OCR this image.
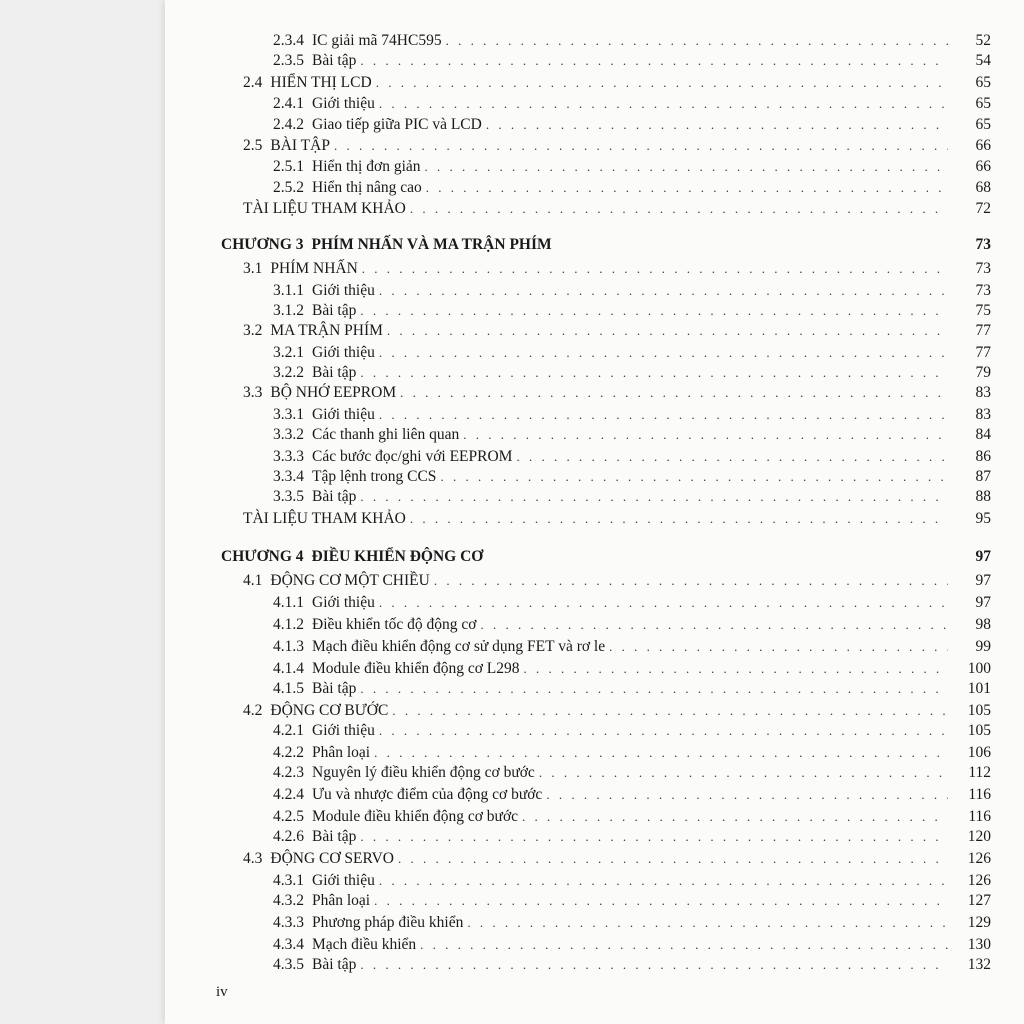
2.3.4 IC giải mã 74HC595 . . .	52
2.3.5 Bài tập . . .	54
2.4 HIỂN THỊ LCD . . .	65
2.4.1 Giới thiệu . . .	65
2.4.2 Giao tiếp giữa PIC và LCD . . .	65
2.5 BÀI TẬP . . .	66
2.5.1 Hiển thị đơn giản . . .	66
2.5.2 Hiển thị nâng cao . . .	68
TÀI LIỆU THAM KHẢO . . .	72
CHƯƠNG 3 PHÍM NHẤN VÀ MA TRẬN PHÍM	73
3.1 PHÍM NHẤN . . .	73
3.1.1 Giới thiệu . . .	73
3.1.2 Bài tập . . .	75
3.2 MA TRẬN PHÍM . . .	77
3.2.1 Giới thiệu . . .	77
3.2.2 Bài tập . . .	79
3.3 BỘ NHỚ EEPROM . . .	83
3.3.1 Giới thiệu . . .	83
3.3.2 Các thanh ghi liên quan . . .	84
3.3.3 Các bước đọc/ghi với EEPROM . . .	86
3.3.4 Tập lệnh trong CCS . . .	87
3.3.5 Bài tập . . .	88
TÀI LIỆU THAM KHẢO . . .	95
CHƯƠNG 4 ĐIỀU KHIỂN ĐỘNG CƠ	97
4.1 ĐỘNG CƠ MỘT CHIỀU . . .	97
4.1.1 Giới thiệu . . .	97
4.1.2 Điều khiển tốc độ động cơ . . .	98
4.1.3 Mạch điều khiển động cơ sử dụng FET và rơ le . . .	99
4.1.4 Module điều khiển động cơ L298 . . .	100
4.1.5 Bài tập . . .	101
4.2 ĐỘNG CƠ BƯỚC . . .	105
4.2.1 Giới thiệu . . .	105
4.2.2 Phân loại . . .	106
4.2.3 Nguyên lý điều khiển động cơ bước . . .	112
4.2.4 Ưu và nhược điểm của động cơ bước . . .	116
4.2.5 Module điều khiển động cơ bước . . .	116
4.2.6 Bài tập . . .	120
4.3 ĐỘNG CƠ SERVO . . .	126
4.3.1 Giới thiệu . . .	126
4.3.2 Phân loại . . .	127
4.3.3 Phương pháp điều khiển . . .	129
4.3.4 Mạch điều khiển . . .	130
4.3.5 Bài tập . . .	132
iv
